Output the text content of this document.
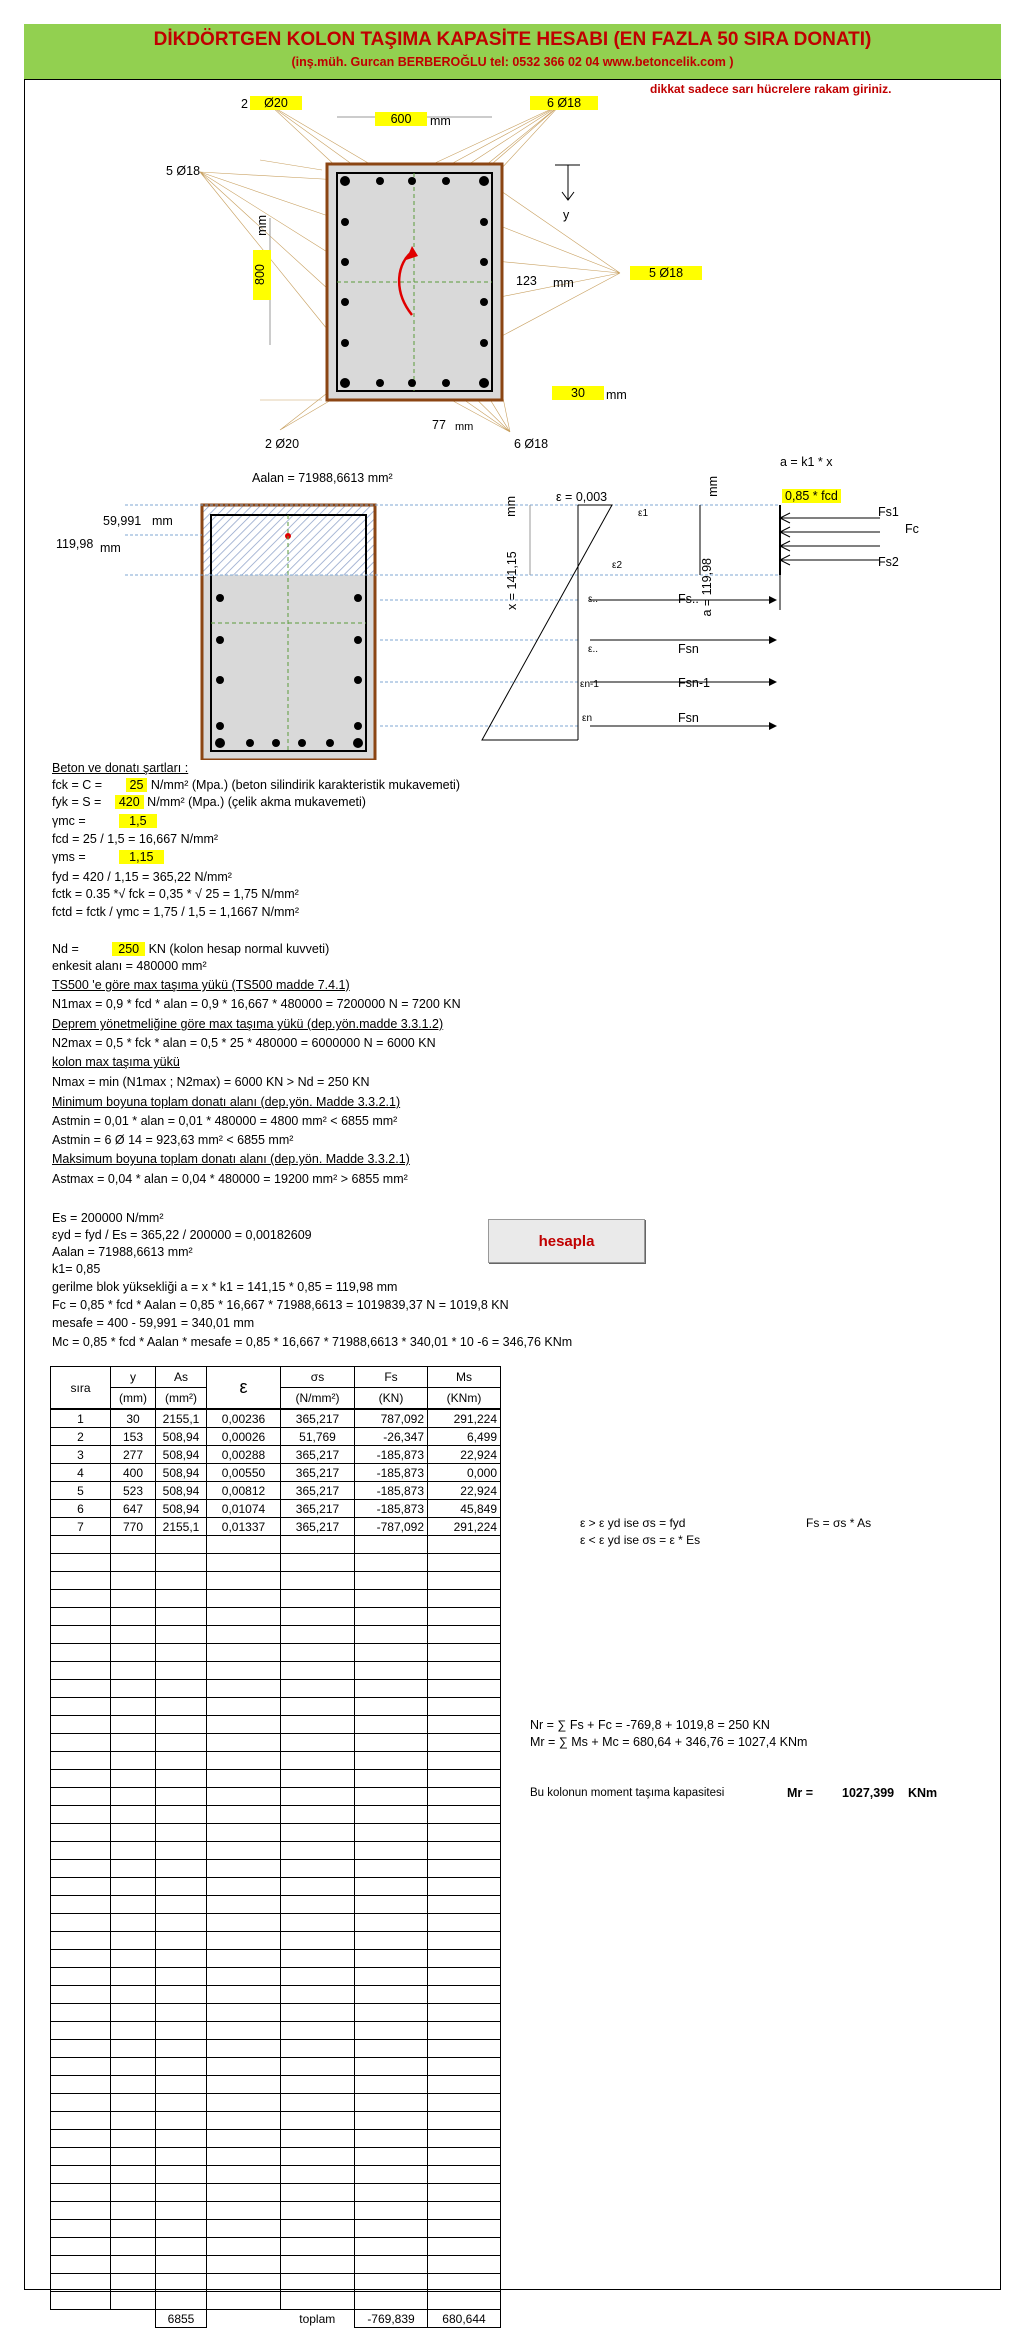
DİKDÖRTGEN KOLON TAŞIMA KAPASİTE HESABI (EN FAZLA 50 SIRA DONATI)
(inş.müh. Gurcan BERBEROĞLU tel: 0532 366 02 04 www.betoncelik.com )
dikkat sadece sarı hücrelere rakam giriniz.
Ø20
2
600	mm
6 Ø18
5 Ø18
800
mm
5 Ø18
123 mm
y
30	mm
77 mm
2 Ø20	6 Ø18
Aalan = 71988,6613 mm²
59,991 mm
119,98 mm
x = 141,15
mm	ε = 0,003
ε1
ε2
ε..
ε..
εn-1
εn
a = 119,98
mm
a = k1 * x
0,85 * fcd
Fs1
Fc
Fs2
Fs..
Fsn
Fsn-1
Fsn
Beton ve donatı şartları :
fck = C = 25 N/mm² (Mpa.) (beton silindirik karakteristik mukavemeti)
fyk = S = 420 N/mm² (Mpa.) (çelik akma mukavemeti)
γmc =	1,5
fcd = 25 / 1,5 = 16,667 N/mm²
γms =	1,15
fyd = 420 / 1,15 = 365,22 N/mm²
fctk = 0.35 *√ fck = 0,35 * √ 25 = 1,75 N/mm²
fctd = fctk / γmc = 1,75 / 1,5 = 1,1667 N/mm²
Nd =	250 KN (kolon hesap normal kuvveti)
enkesit alanı = 480000 mm²
TS500 'e göre max taşıma yükü (TS500 madde 7.4.1)
N1max = 0,9 * fcd * alan = 0,9 * 16,667 * 480000 = 7200000 N = 7200 KN
Deprem yönetmeliğine göre max taşıma yükü (dep.yön.madde 3.3.1.2)
N2max = 0,5 * fck * alan = 0,5 * 25 * 480000 = 6000000 N = 6000 KN
kolon max taşıma yükü
Nmax = min (N1max ; N2max) = 6000 KN > Nd = 250 KN
Minimum boyuna toplam donatı alanı (dep.yön. Madde 3.3.2.1)
Astmin = 0,01 * alan = 0,01 * 480000 = 4800 mm² < 6855 mm²
Astmin = 6 Ø 14 = 923,63 mm² < 6855 mm²
Maksimum boyuna toplam donatı alanı (dep.yön. Madde 3.3.2.1)
Astmax = 0,04 * alan = 0,04 * 480000 = 19200 mm² > 6855 mm²
Es = 200000 N/mm²
εyd = fyd / Es = 365,22 / 200000 = 0,00182609
Aalan = 71988,6613 mm²
k1= 0,85
gerilme blok yüksekliği a = x * k1 = 141,15 * 0,85 = 119,98 mm
Fc = 0,85 * fcd * Aalan = 0,85 * 16,667 * 71988,6613 = 1019839,37 N = 1019,8 KN
mesafe = 400 - 59,991 = 340,01 mm
Mc = 0,85 * fcd * Aalan * mesafe = 0,85 * 16,667 * 71988,6613 * 340,01 * 10 -6 = 346,76 KNm
hesapla
sıra	y	As	ε	σs	Fs	Ms
	(mm)	(mm²)		(N/mm²)	(KN)	(KNm)
1	30	2155,1	0,00236	365,217	787,092	291,224
2	153	508,94	0,00026	51,769	-26,347	6,499
3	277	508,94	0,00288	365,217	-185,873	22,924
4	400	508,94	0,00550	365,217	-185,873	0,000
5	523	508,94	0,00812	365,217	-185,873	22,924
6	647	508,94	0,01074	365,217	-185,873	45,849
7	770	2155,1	0,01337	365,217	-787,092	291,224

		6855		toplam	-769,839	680,644
ε > ε yd ise σs = fyd	Fs = σs * As
ε < ε yd ise σs = ε * Es
Nr = ∑ Fs + Fc = -769,8 + 1019,8 = 250 KN
Mr = ∑ Ms + Mc = 680,64 + 346,76 = 1027,4 KNm
Bu kolonun moment taşıma kapasitesi	Mr = 1027,399 KNm
